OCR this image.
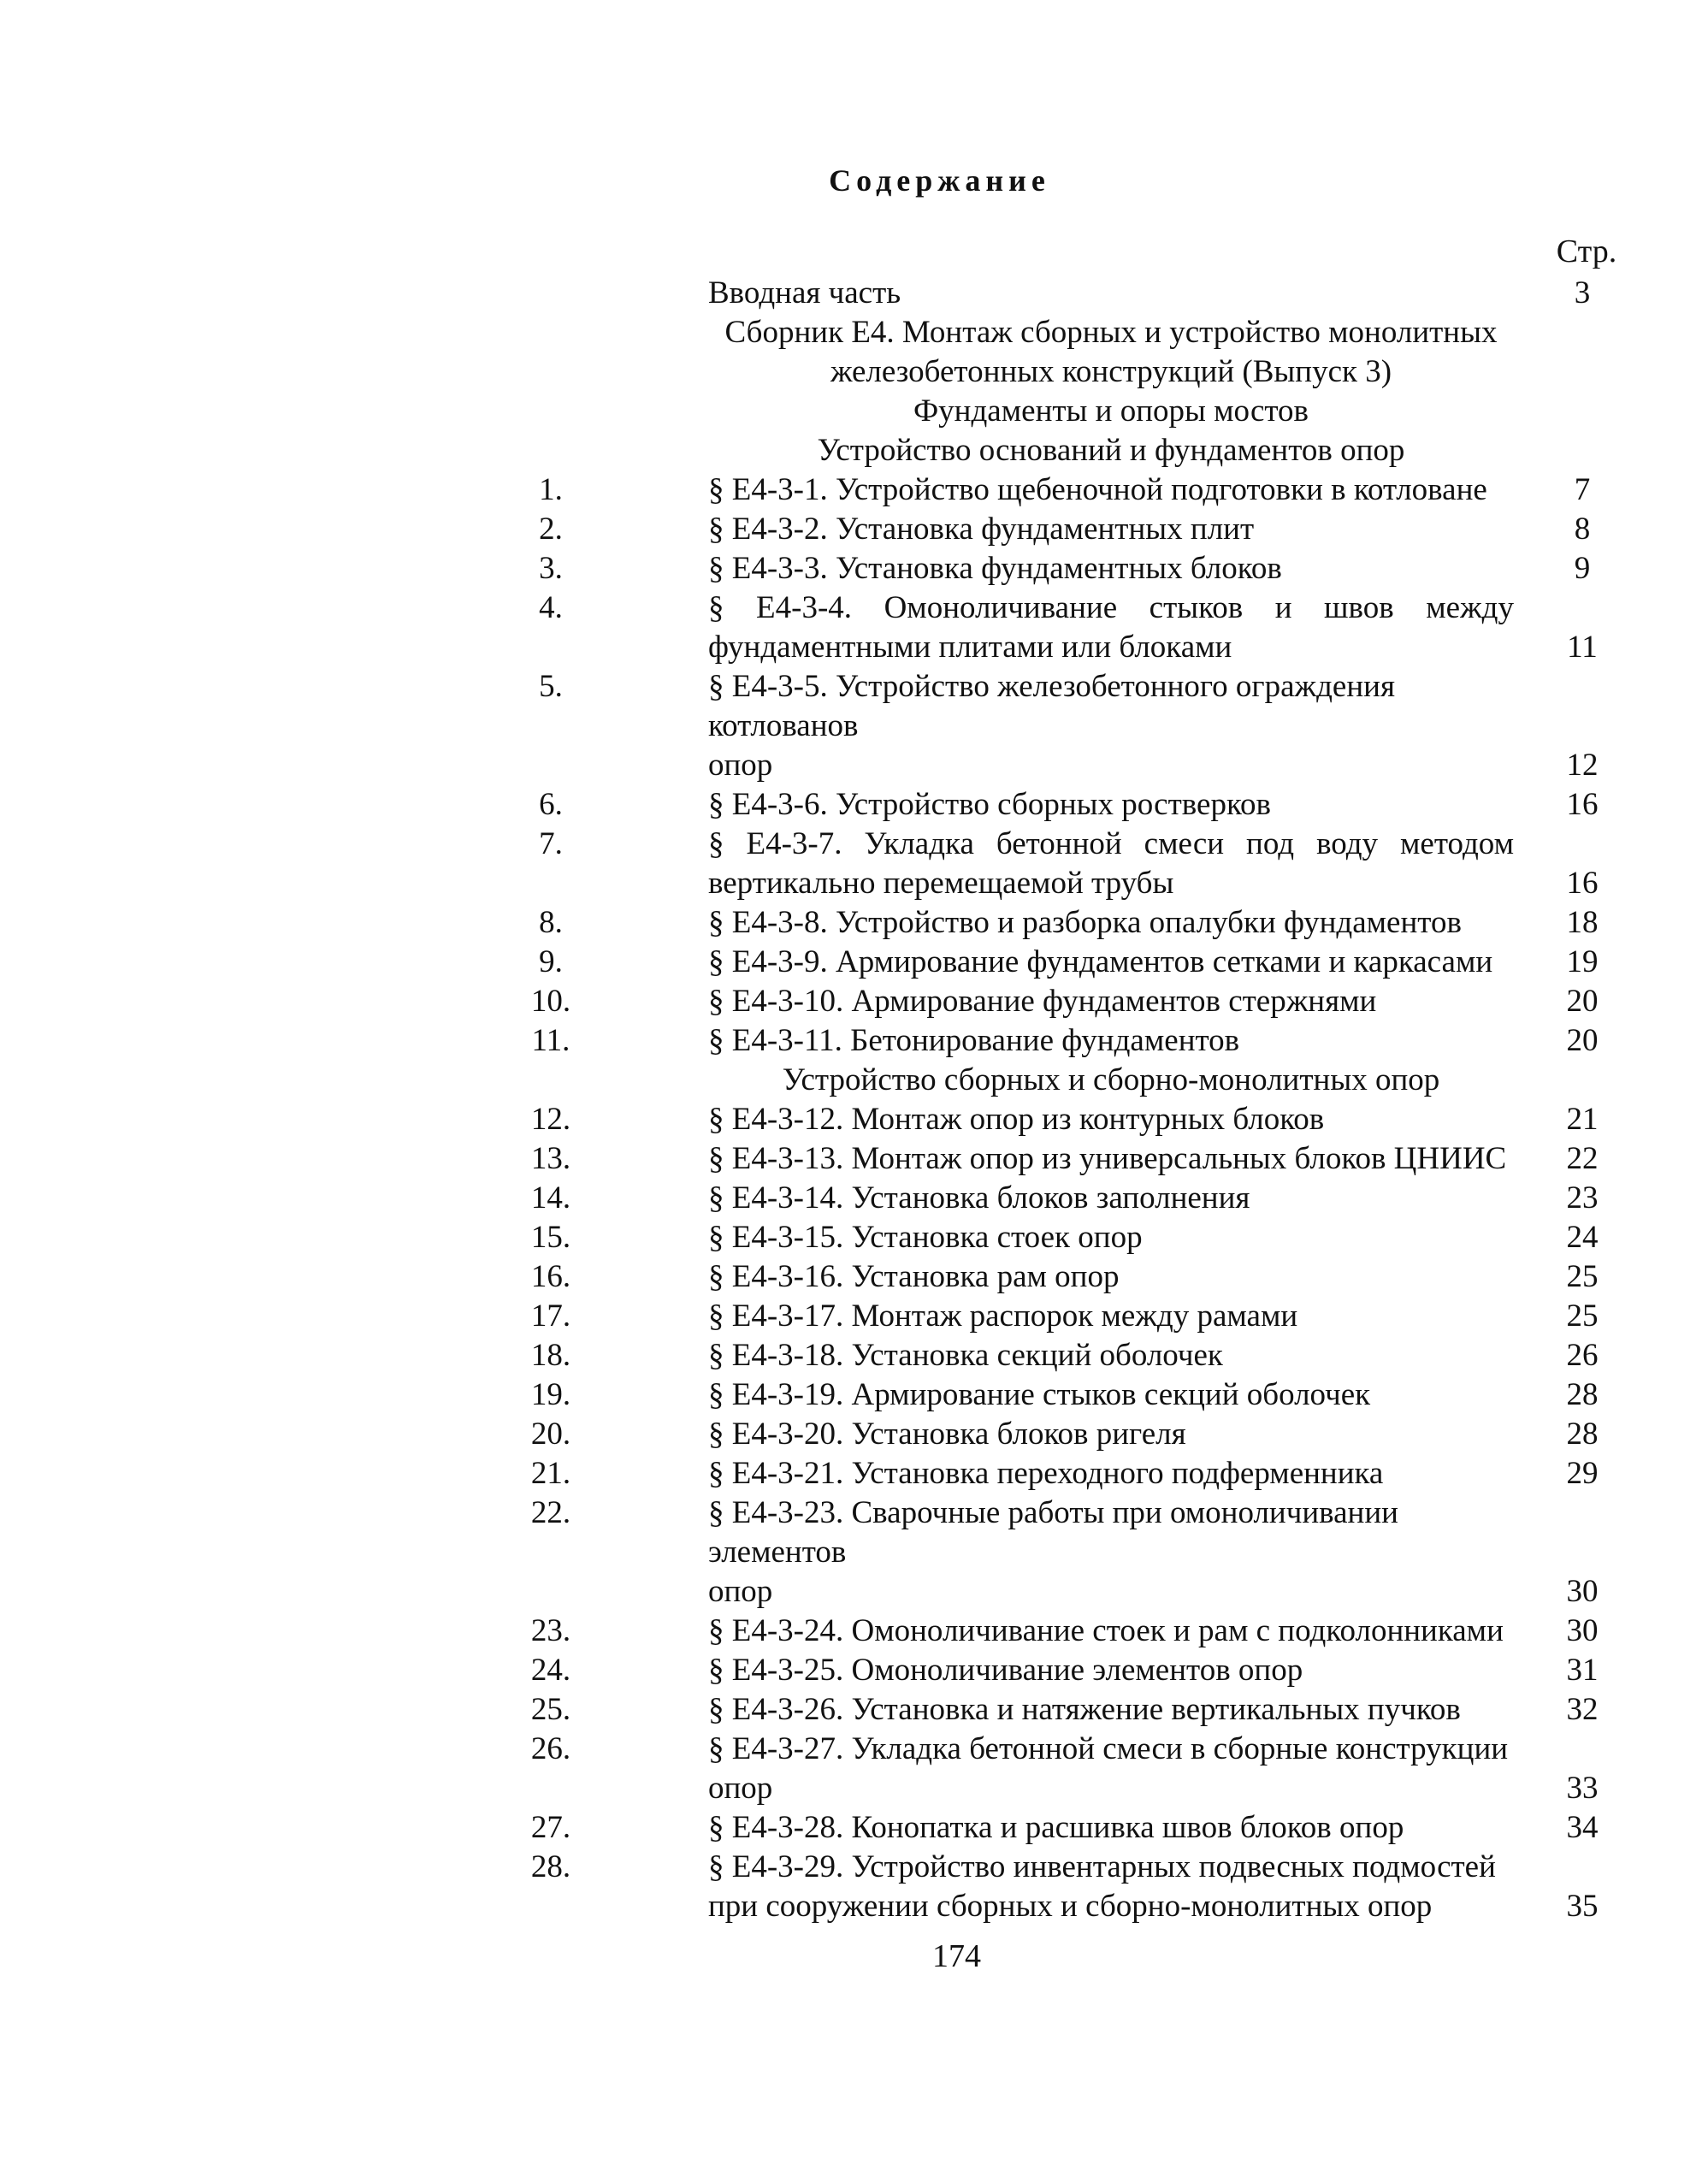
Содержание
Стр.
Вводная часть	3
Сборник Е4. Монтаж сборных и устройство монолитных
железобетонных конструкций (Выпуск 3)
Фундаменты и опоры мостов
Устройство оснований и фундаментов опор
1.	§ Е4-3-1. Устройство щебеночной подготовки в котловане	7
2.	§ Е4-3-2. Установка фундаментных плит	8
3.	§ Е4-3-3. Установка фундаментных блоков	9
4.	§ Е4-3-4. Омоноличивание стыков и швов между
фундаментными плитами или блоками	11
5.	§ Е4-3-5. Устройство железобетонного ограждения котлованов
опор	12
6.	§ Е4-3-6. Устройство сборных ростверков	16
7.	§ Е4-3-7. Укладка бетонной смеси под воду методом
вертикально перемещаемой трубы	16
8.	§ Е4-3-8. Устройство и разборка опалубки фундаментов	18
9.	§ Е4-3-9. Армирование фундаментов сетками и каркасами	19
10.	§ Е4-3-10. Армирование фундаментов стержнями	20
11.	§ Е4-3-11. Бетонирование фундаментов	20
Устройство сборных и сборно-монолитных опор
12.	§ Е4-3-12. Монтаж опор из контурных блоков	21
13.	§ Е4-3-13. Монтаж опор из универсальных блоков ЦНИИС	22
14.	§ Е4-3-14. Установка блоков заполнения	23
15.	§ Е4-3-15. Установка стоек опор	24
16.	§ Е4-3-16. Установка рам опор	25
17.	§ Е4-3-17. Монтаж распорок между рамами	25
18.	§ Е4-3-18. Установка секций оболочек	26
19.	§ Е4-3-19. Армирование стыков секций оболочек	28
20.	§ Е4-3-20. Установка блоков ригеля	28
21.	§ Е4-3-21. Установка переходного подферменника	29
22.	§ Е4-3-23. Сварочные работы при омоноличивании элементов
опор	30
23.	§ Е4-3-24. Омоноличивание стоек и рам с подколонниками	30
24.	§ Е4-3-25. Омоноличивание элементов опор	31
25.	§ Е4-3-26. Установка и натяжение вертикальных пучков	32
26.	§ Е4-3-27. Укладка бетонной смеси в сборные конструкции
опор	33
27.	§ Е4-3-28. Конопатка и расшивка швов блоков опор	34
28.	§ Е4-3-29. Устройство инвентарных подвесных подмостей
при сооружении сборных и сборно-монолитных опор	35
174
